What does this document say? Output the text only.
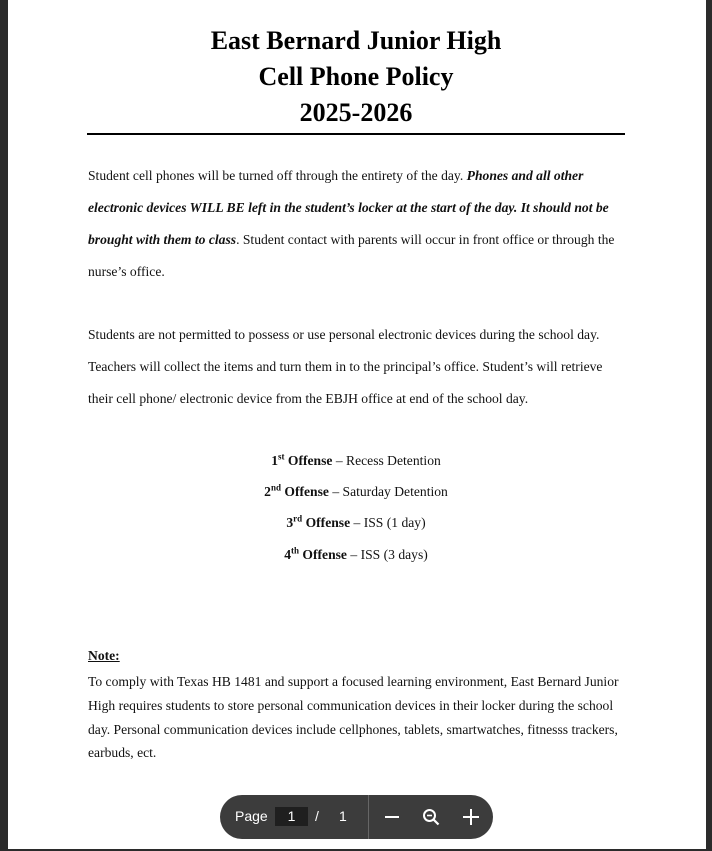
East Bernard Junior High
Cell Phone Policy
2025-2026
Student cell phones will be turned off through the entirety of the day. Phones and all other electronic devices WILL BE left in the student’s locker at the start of the day. It should not be brought with them to class. Student contact with parents will occur in front office or through the nurse’s office.
Students are not permitted to possess or use personal electronic devices during the school day. Teachers will collect the items and turn them in to the principal’s office. Student’s will retrieve their cell phone/ electronic device from the EBJH office at end of the school day.
1st Offense – Recess Detention
2nd Offense – Saturday Detention
3rd Offense – ISS (1 day)
4th Offense – ISS (3 days)
Note:
To comply with Texas HB 1481 and support a focused learning environment, East Bernard Junior High requires students to store personal communication devices in their locker during the school day. Personal communication devices include cellphones, tablets, smartwatches, fitnesss trackers, earbuds, ect.
Page	1	/ 1
